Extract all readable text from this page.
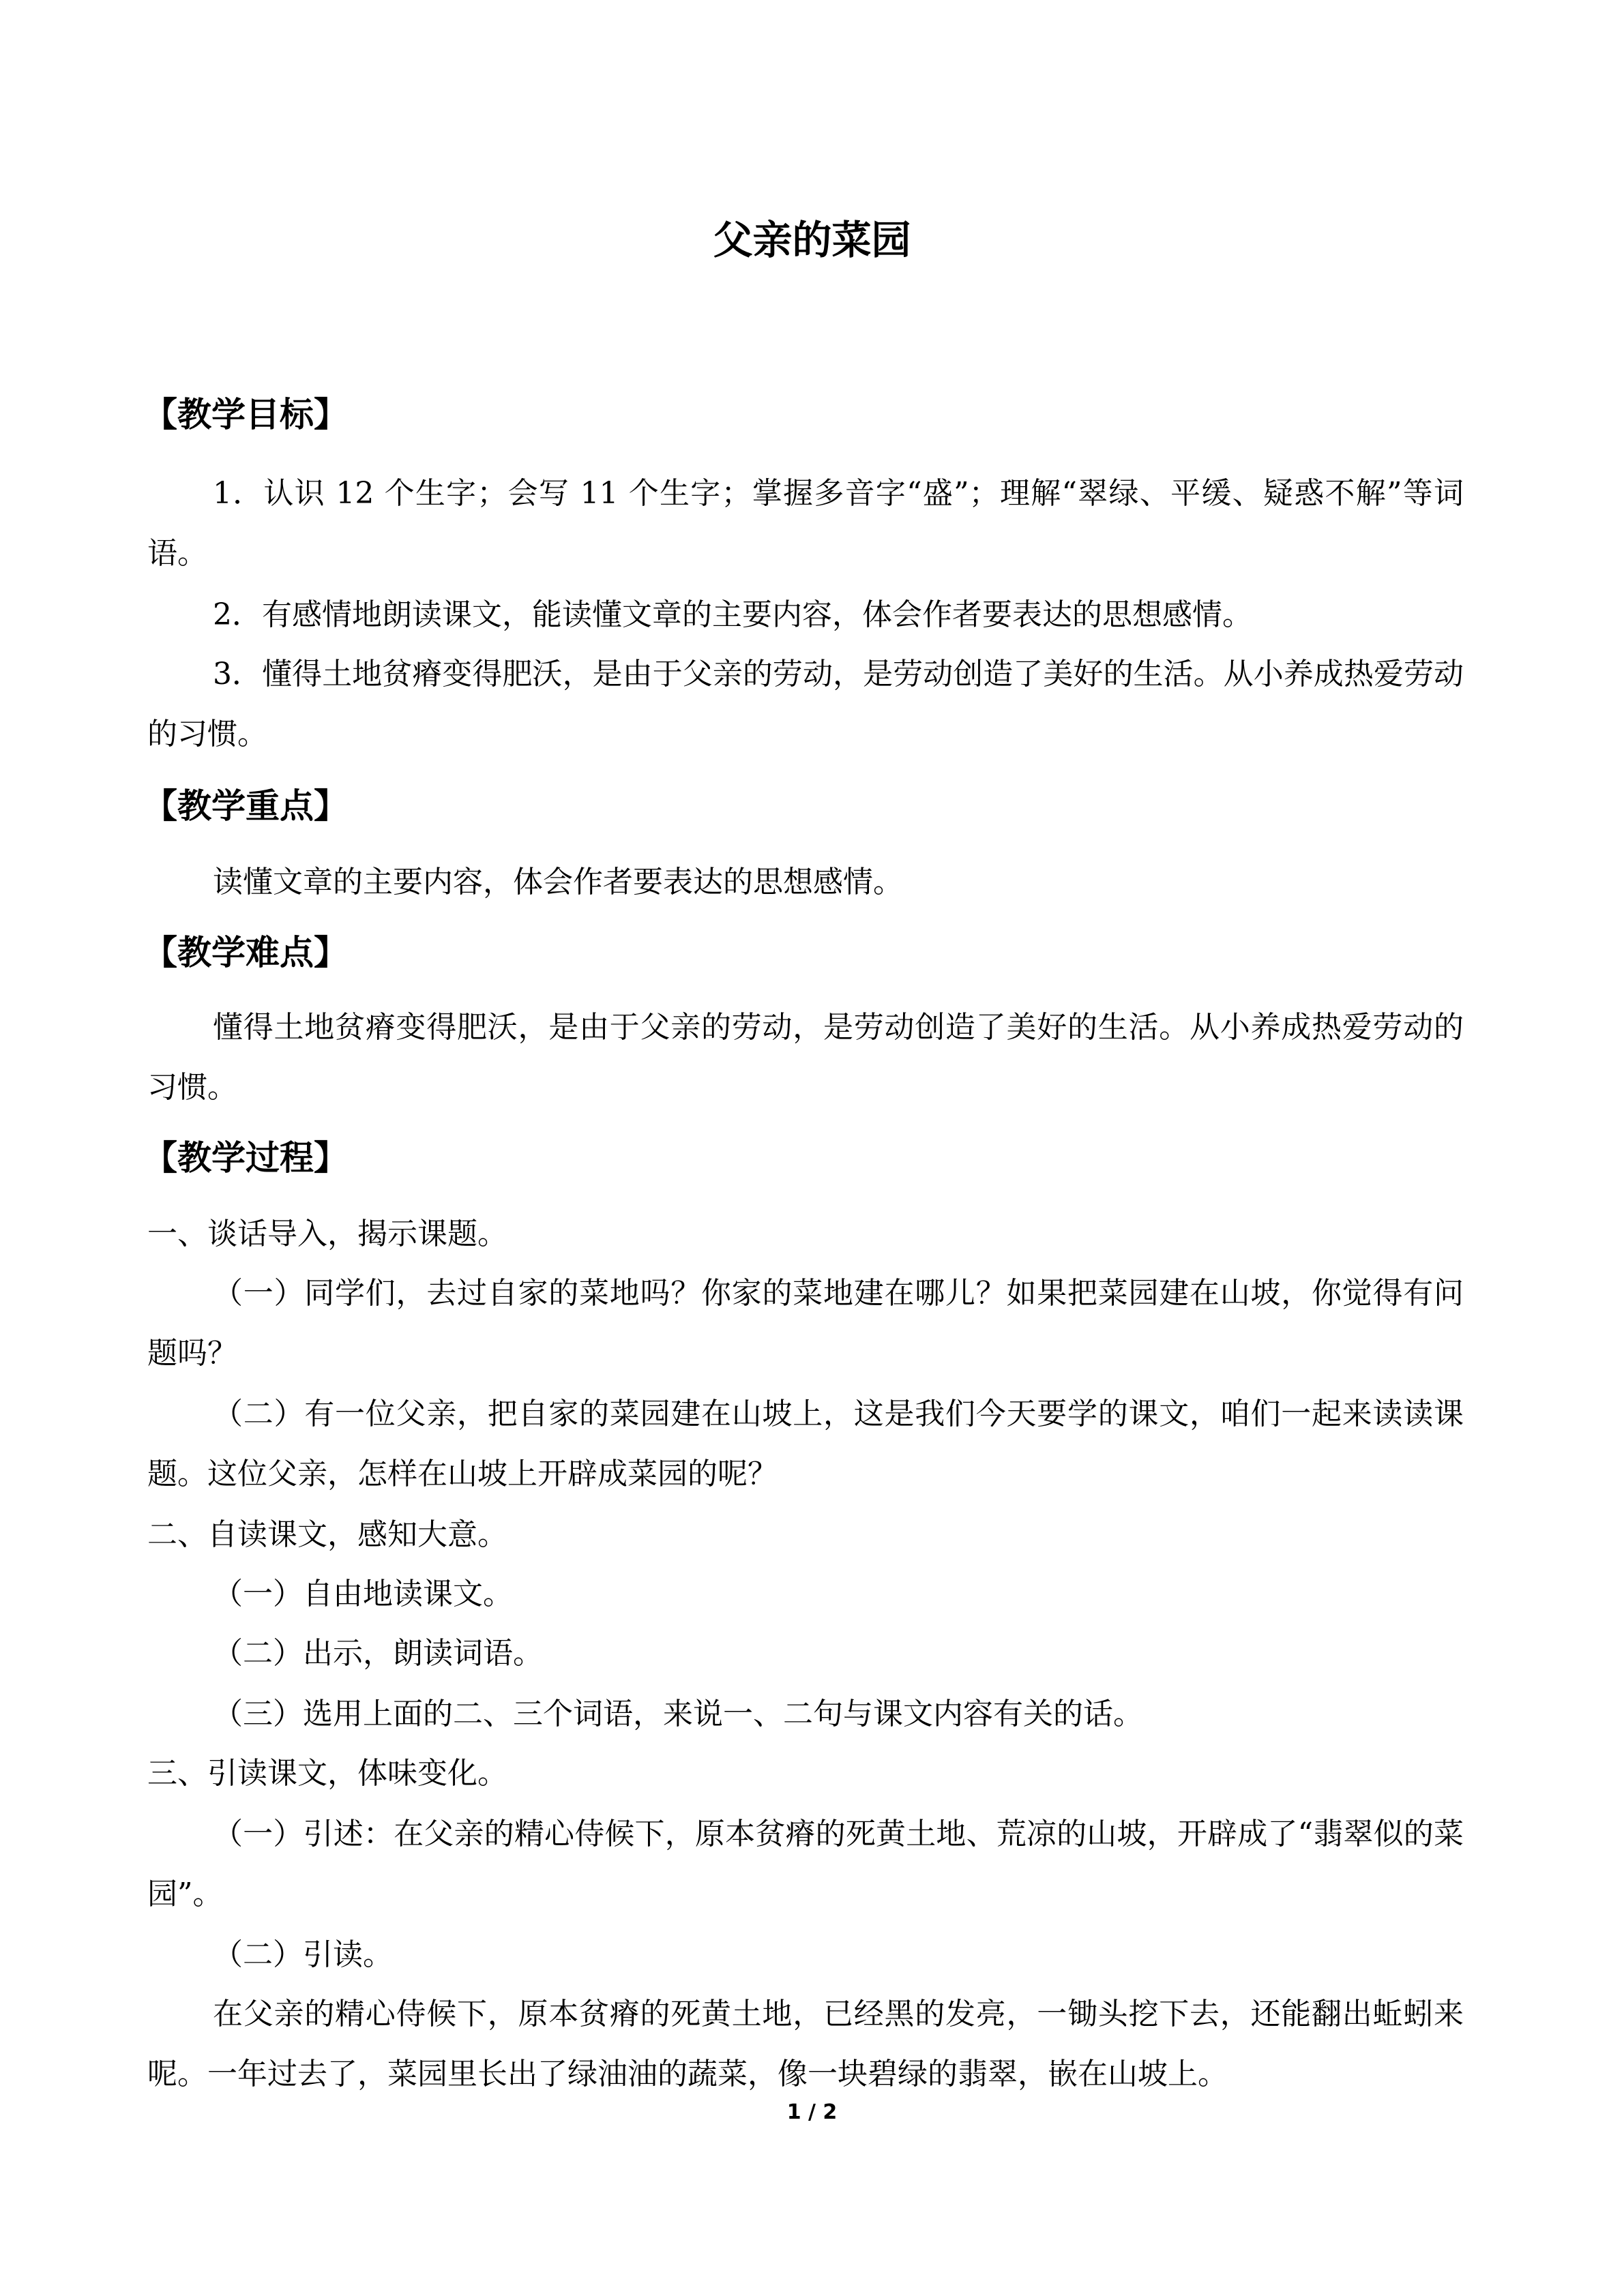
父亲的菜园
【教学目标】
1．认识 12 个生字；会写 11 个生字；掌握多音字“盛”；理解“翠绿、平缓、疑惑不解”等词语。
2．有感情地朗读课文，能读懂文章的主要内容，体会作者要表达的思想感情。
3．懂得土地贫瘠变得肥沃，是由于父亲的劳动，是劳动创造了美好的生活。从小养成热爱劳动的习惯。
【教学重点】
读懂文章的主要内容，体会作者要表达的思想感情。
【教学难点】
懂得土地贫瘠变得肥沃，是由于父亲的劳动，是劳动创造了美好的生活。从小养成热爱劳动的习惯。
【教学过程】
一、谈话导入，揭示课题。
（一）同学们，去过自家的菜地吗？你家的菜地建在哪儿？如果把菜园建在山坡，你觉得有问题吗？
（二）有一位父亲，把自家的菜园建在山坡上，这是我们今天要学的课文，咱们一起来读读课题。这位父亲，怎样在山坡上开辟成菜园的呢？
二、自读课文，感知大意。
（一）自由地读课文。
（二）出示，朗读词语。
（三）选用上面的二、三个词语，来说一、二句与课文内容有关的话。
三、引读课文，体味变化。
（一）引述：在父亲的精心侍候下，原本贫瘠的死黄土地、荒凉的山坡，开辟成了“翡翠似的菜园”。
（二）引读。
在父亲的精心侍候下，原本贫瘠的死黄土地，已经黑的发亮，一锄头挖下去，还能翻出蚯蚓来呢。一年过去了，菜园里长出了绿油油的蔬菜，像一块碧绿的翡翠，嵌在山坡上。
1 / 2
